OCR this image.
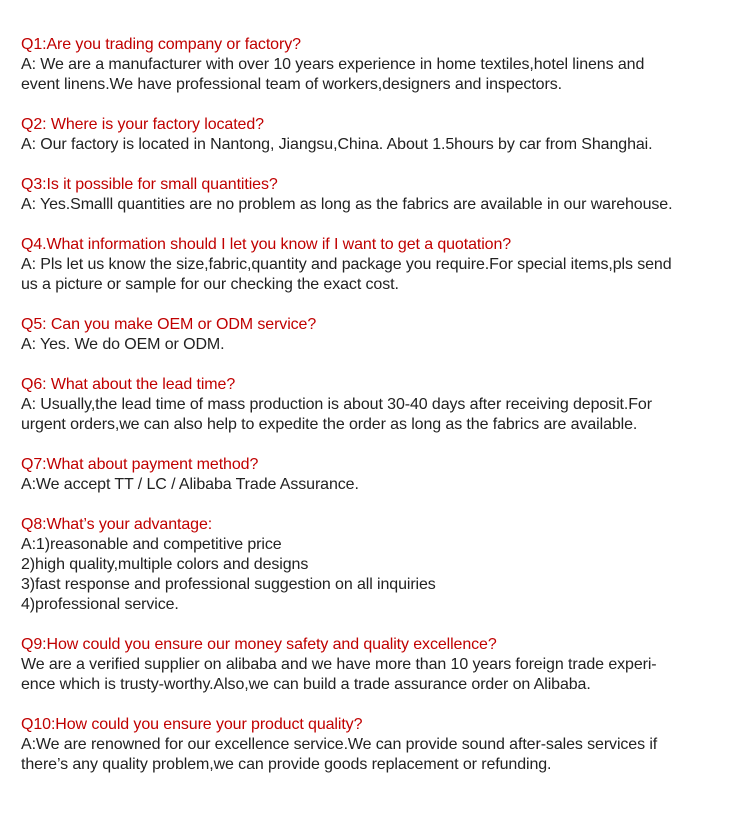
Q1:Are you trading company or factory?
A: We are a manufacturer with over 10 years experience in home textiles,hotel linens and
event linens.We have professional team of workers,designers and inspectors.
Q2: Where is your factory located?
A: Our factory is located in Nantong, Jiangsu,China. About 1.5hours by car from Shanghai.
Q3:Is it possible for small quantities?
A: Yes.Smalll quantities are no problem as long as the fabrics are available in our warehouse.
Q4.What information should I let you know if I want to get a quotation?
A: Pls let us know the size,fabric,quantity and package you require.For special items,pls send
us a picture or sample for our checking the exact cost.
Q5: Can you make OEM or ODM service?
A: Yes. We do OEM or ODM.
Q6: What about the lead time?
A: Usually,the lead time of mass production is about 30-40 days after receiving deposit.For
urgent orders,we can also help to expedite the order as long as the fabrics are available.
Q7:What about payment method?
A:We accept TT / LC / Alibaba Trade Assurance.
Q8:What’s your advantage:
A:1)reasonable and competitive price
2)high quality,multiple colors and designs
3)fast response and professional suggestion on all inquiries
4)professional service.
Q9:How could you ensure our money safety and quality excellence?
We are a verified supplier on alibaba and we have more than 10 years foreign trade experi-
ence which is trusty-worthy.Also,we can build a trade assurance order on Alibaba.
Q10:How could you ensure your product quality?
A:We are renowned for our excellence service.We can provide sound after-sales services if
there’s any quality problem,we can provide goods replacement or refunding.
